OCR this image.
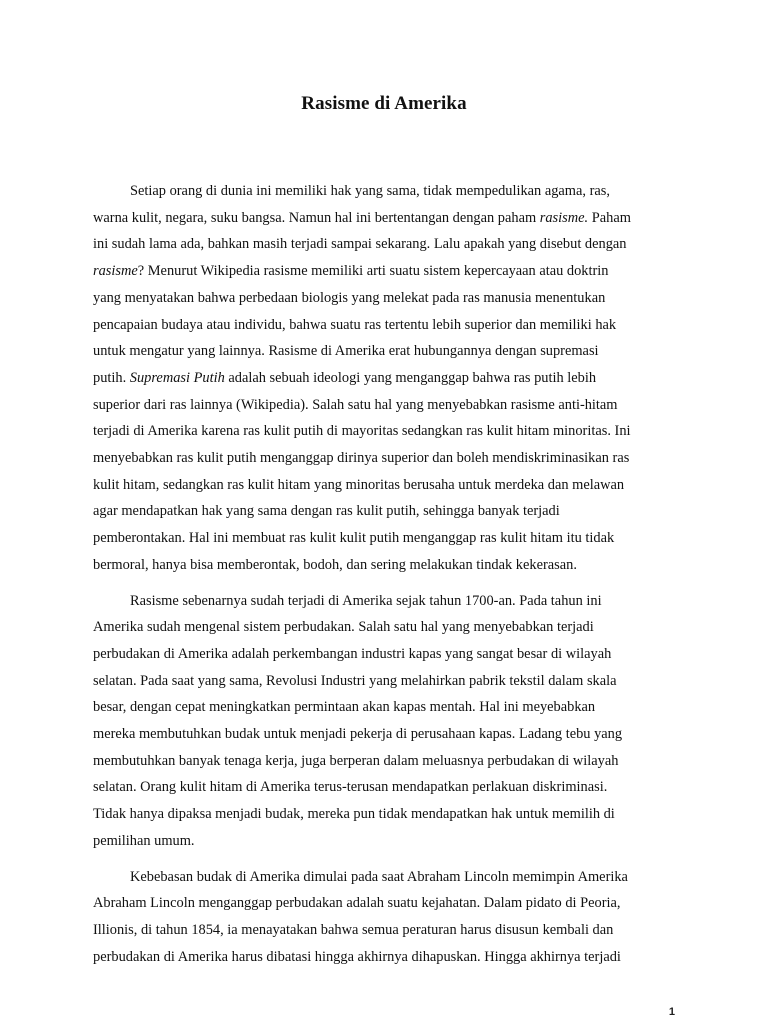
Rasisme di Amerika
Setiap orang di dunia ini memiliki hak yang sama, tidak mempedulikan agama, ras,
warna kulit, negara, suku bangsa. Namun hal ini bertentangan dengan paham rasisme. Paham
ini sudah lama ada, bahkan masih terjadi sampai sekarang. Lalu apakah yang disebut dengan
rasisme? Menurut Wikipedia rasisme memiliki arti suatu sistem kepercayaan atau doktrin
yang menyatakan bahwa perbedaan biologis yang melekat pada ras manusia menentukan
pencapaian budaya atau individu, bahwa suatu ras tertentu lebih superior dan memiliki hak
untuk mengatur yang lainnya. Rasisme di Amerika erat hubungannya dengan supremasi
putih. Supremasi Putih adalah sebuah ideologi yang menganggap bahwa ras putih lebih
superior dari ras lainnya (Wikipedia). Salah satu hal yang menyebabkan rasisme anti-hitam
terjadi di Amerika karena ras kulit putih di mayoritas sedangkan ras kulit hitam minoritas. Ini
menyebabkan ras kulit putih menganggap dirinya superior dan boleh mendiskriminasikan ras
kulit hitam, sedangkan ras kulit hitam yang minoritas berusaha untuk merdeka dan melawan
agar mendapatkan hak yang sama dengan ras kulit putih, sehingga banyak terjadi
pemberontakan. Hal ini membuat ras kulit kulit putih menganggap ras kulit hitam itu tidak
bermoral, hanya bisa memberontak, bodoh, dan sering melakukan tindak kekerasan.
Rasisme sebenarnya sudah terjadi di Amerika sejak tahun 1700-an. Pada tahun ini
Amerika sudah mengenal sistem perbudakan. Salah satu hal yang menyebabkan terjadi
perbudakan di Amerika adalah perkembangan industri kapas yang sangat besar di wilayah
selatan. Pada saat yang sama, Revolusi Industri yang melahirkan pabrik tekstil dalam skala
besar, dengan cepat meningkatkan permintaan akan kapas mentah. Hal ini meyebabkan
mereka membutuhkan budak untuk menjadi pekerja di perusahaan kapas. Ladang tebu yang
membutuhkan banyak tenaga kerja, juga berperan dalam meluasnya perbudakan di wilayah
selatan. Orang kulit hitam di Amerika terus-terusan mendapatkan perlakuan diskriminasi.
Tidak hanya dipaksa menjadi budak, mereka pun tidak mendapatkan hak untuk memilih di
pemilihan umum.
Kebebasan budak di Amerika dimulai pada saat Abraham Lincoln memimpin Amerika
Abraham Lincoln menganggap perbudakan adalah suatu kejahatan. Dalam pidato di Peoria,
Illionis, di tahun 1854, ia menayatakan bahwa semua peraturan harus disusun kembali dan
perbudakan di Amerika harus dibatasi hingga akhirnya dihapuskan. Hingga akhirnya terjadi
1
